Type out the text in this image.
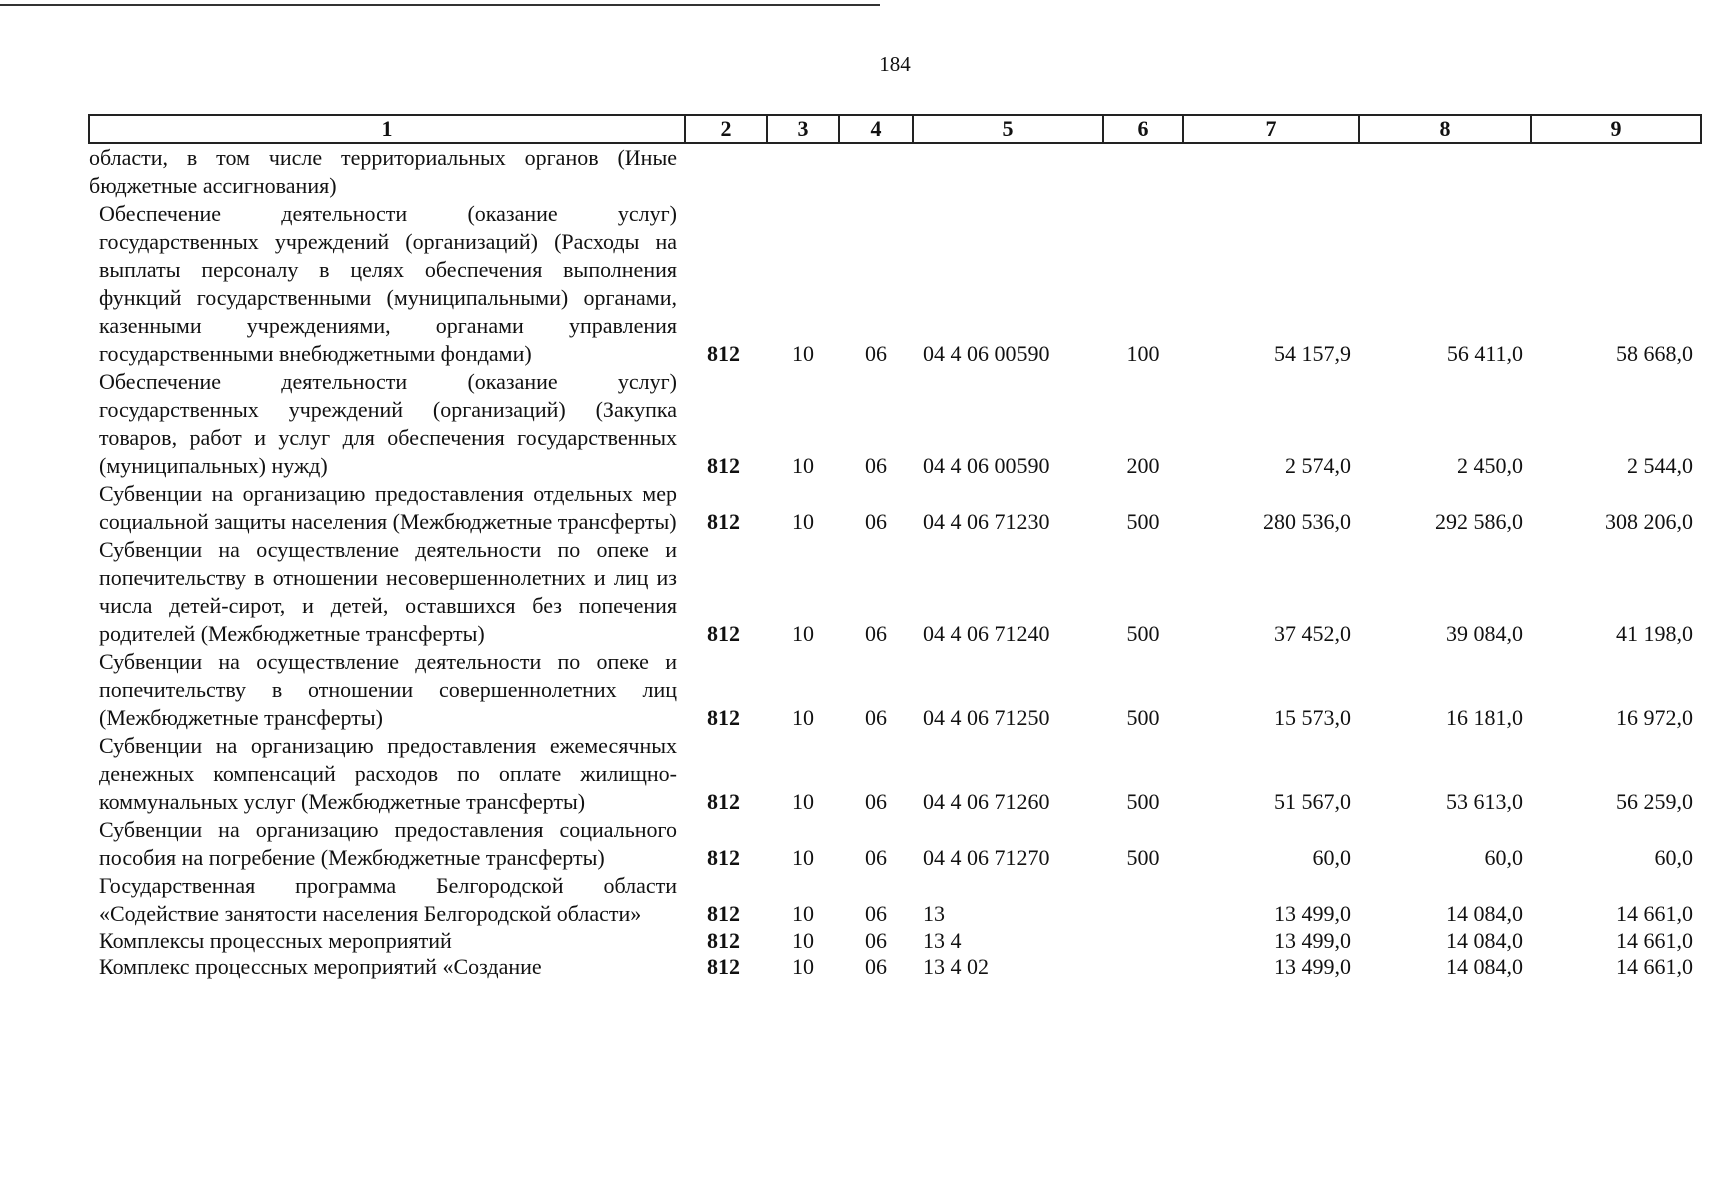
184
1	2	3	4	5	6	7	8	9
области, в том числе территориальных органов (Иные бюджетные ассигнования)								
Обеспечение деятельности (оказание услуг) государственных учреждений (организаций) (Расходы на выплаты персоналу в целях обеспечения выполнения функций государственными (муниципальными) органами, казенными учреждениями, органами управления государственными внебюджетными фондами)	812	10	06	04 4 06 00590	100	54 157,9	56 411,0	58 668,0
Обеспечение деятельности (оказание услуг) государственных учреждений (организаций) (Закупка товаров, работ и услуг для обеспечения государственных (муниципальных) нужд)	812	10	06	04 4 06 00590	200	2 574,0	2 450,0	2 544,0
Субвенции на организацию предоставления отдельных мер социальной защиты населения (Межбюджетные трансферты)	812	10	06	04 4 06 71230	500	280 536,0	292 586,0	308 206,0
Субвенции на осуществление деятельности по опеке и попечительству в отношении несовершеннолетних и лиц из числа детей-сирот, и детей, оставшихся без попечения родителей (Межбюджетные трансферты)	812	10	06	04 4 06 71240	500	37 452,0	39 084,0	41 198,0
Субвенции на осуществление деятельности по опеке и попечительству в отношении совершеннолетних лиц (Межбюджетные трансферты)	812	10	06	04 4 06 71250	500	15 573,0	16 181,0	16 972,0
Субвенции на организацию предоставления ежемесячных денежных компенсаций расходов по оплате жилищно-коммунальных услуг (Межбюджетные трансферты)	812	10	06	04 4 06 71260	500	51 567,0	53 613,0	56 259,0
Субвенции на организацию предоставления социального пособия на погребение (Межбюджетные трансферты)	812	10	06	04 4 06 71270	500	60,0	60,0	60,0
Государственная программа Белгородской области «Содействие занятости населения Белгородской области»	812	10	06	13		13 499,0	14 084,0	14 661,0
Комплексы процессных мероприятий	812	10	06	13 4		13 499,0	14 084,0	14 661,0
Комплекс процессных мероприятий «Создание	812	10	06	13 4 02		13 499,0	14 084,0	14 661,0
